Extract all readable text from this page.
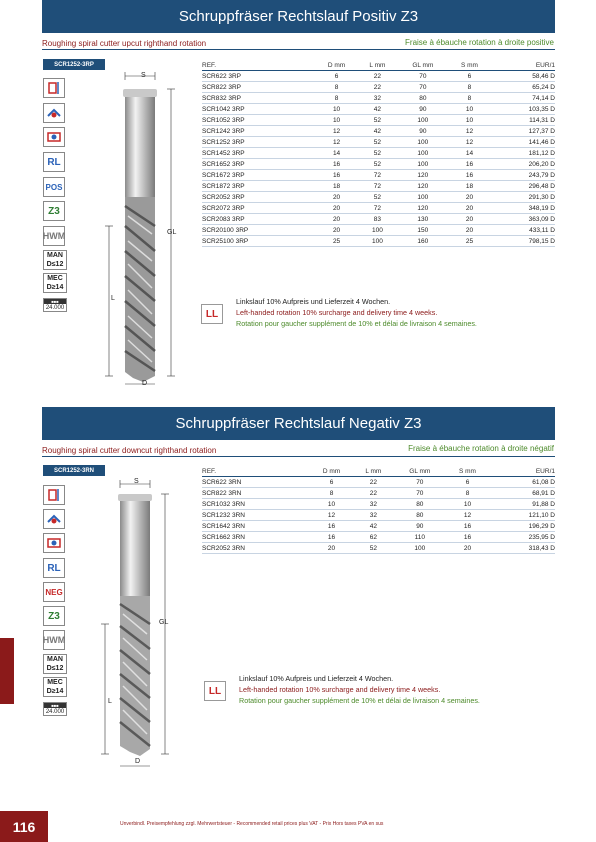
Schruppfräser Rechtslauf Positiv Z3
Roughing spiral cutter upcut righthand rotation	Fraise à ébauche rotation à droite positive
SCR1252-3RP
RL
POS
Z3
HWM
MAN
D≤12
MEC
D≥14
■■■
24.000
S
GL
L
D
REF.	D mm	L mm	GL mm	S mm	EUR/1
SCR622 3RP	6	22	70	6	58,46 D
SCR822 3RP	8	22	70	8	65,24 D
SCR832 3RP	8	32	80	8	74,14 D
SCR1042 3RP	10	42	90	10	103,35 D
SCR1052 3RP	10	52	100	10	114,31 D
SCR1242 3RP	12	42	90	12	127,37 D
SCR1252 3RP	12	52	100	12	141,46 D
SCR1452 3RP	14	52	100	14	181,12 D
SCR1652 3RP	16	52	100	16	206,20 D
SCR1672 3RP	16	72	120	16	243,79 D
SCR1872 3RP	18	72	120	18	296,48 D
SCR2052 3RP	20	52	100	20	291,30 D
SCR2072 3RP	20	72	120	20	348,19 D
SCR2083 3RP	20	83	130	20	363,09 D
SCR20100 3RP	20	100	150	20	433,11 D
SCR25100 3RP	25	100	160	25	798,15 D
LL
Linkslauf 10% Aufpreis und Lieferzeit 4 Wochen.
Left-handed rotation 10% surcharge and delivery time 4 weeks.
Rotation pour gaucher supplément de 10% et délai de livraison 4 semaines.
Schruppfräser Rechtslauf Negativ Z3
Roughing spiral cutter downcut righthand rotation	Fraise à ébauche rotation à droite négatif
SCR1252-3RN
RL
NEG
Z3
HWM
MAN
D≤12
MEC
D≥14
■■■
24.000
S
GL
L
D
REF.	D mm	L mm	GL mm	S mm	EUR/1
SCR622 3RN	6	22	70	6	61,08 D
SCR822 3RN	8	22	70	8	68,91 D
SCR1032 3RN	10	32	80	10	91,88 D
SCR1232 3RN	12	32	80	12	121,10 D
SCR1642 3RN	16	42	90	16	196,29 D
SCR1662 3RN	16	62	110	16	235,95 D
SCR2052 3RN	20	52	100	20	318,43 D
LL
Linkslauf 10% Aufpreis und Lieferzeit 4 Wochen.
Left-handed rotation 10% surcharge and delivery time 4 weeks.
Rotation pour gaucher supplément de 10% et délai de livraison 4 semaines.
116	Unverbindl. Preisempfehlung zzgl. Mehrwertsteuer - Recommended retail prices plus VAT - Prix Hors taxes PVA en sus
